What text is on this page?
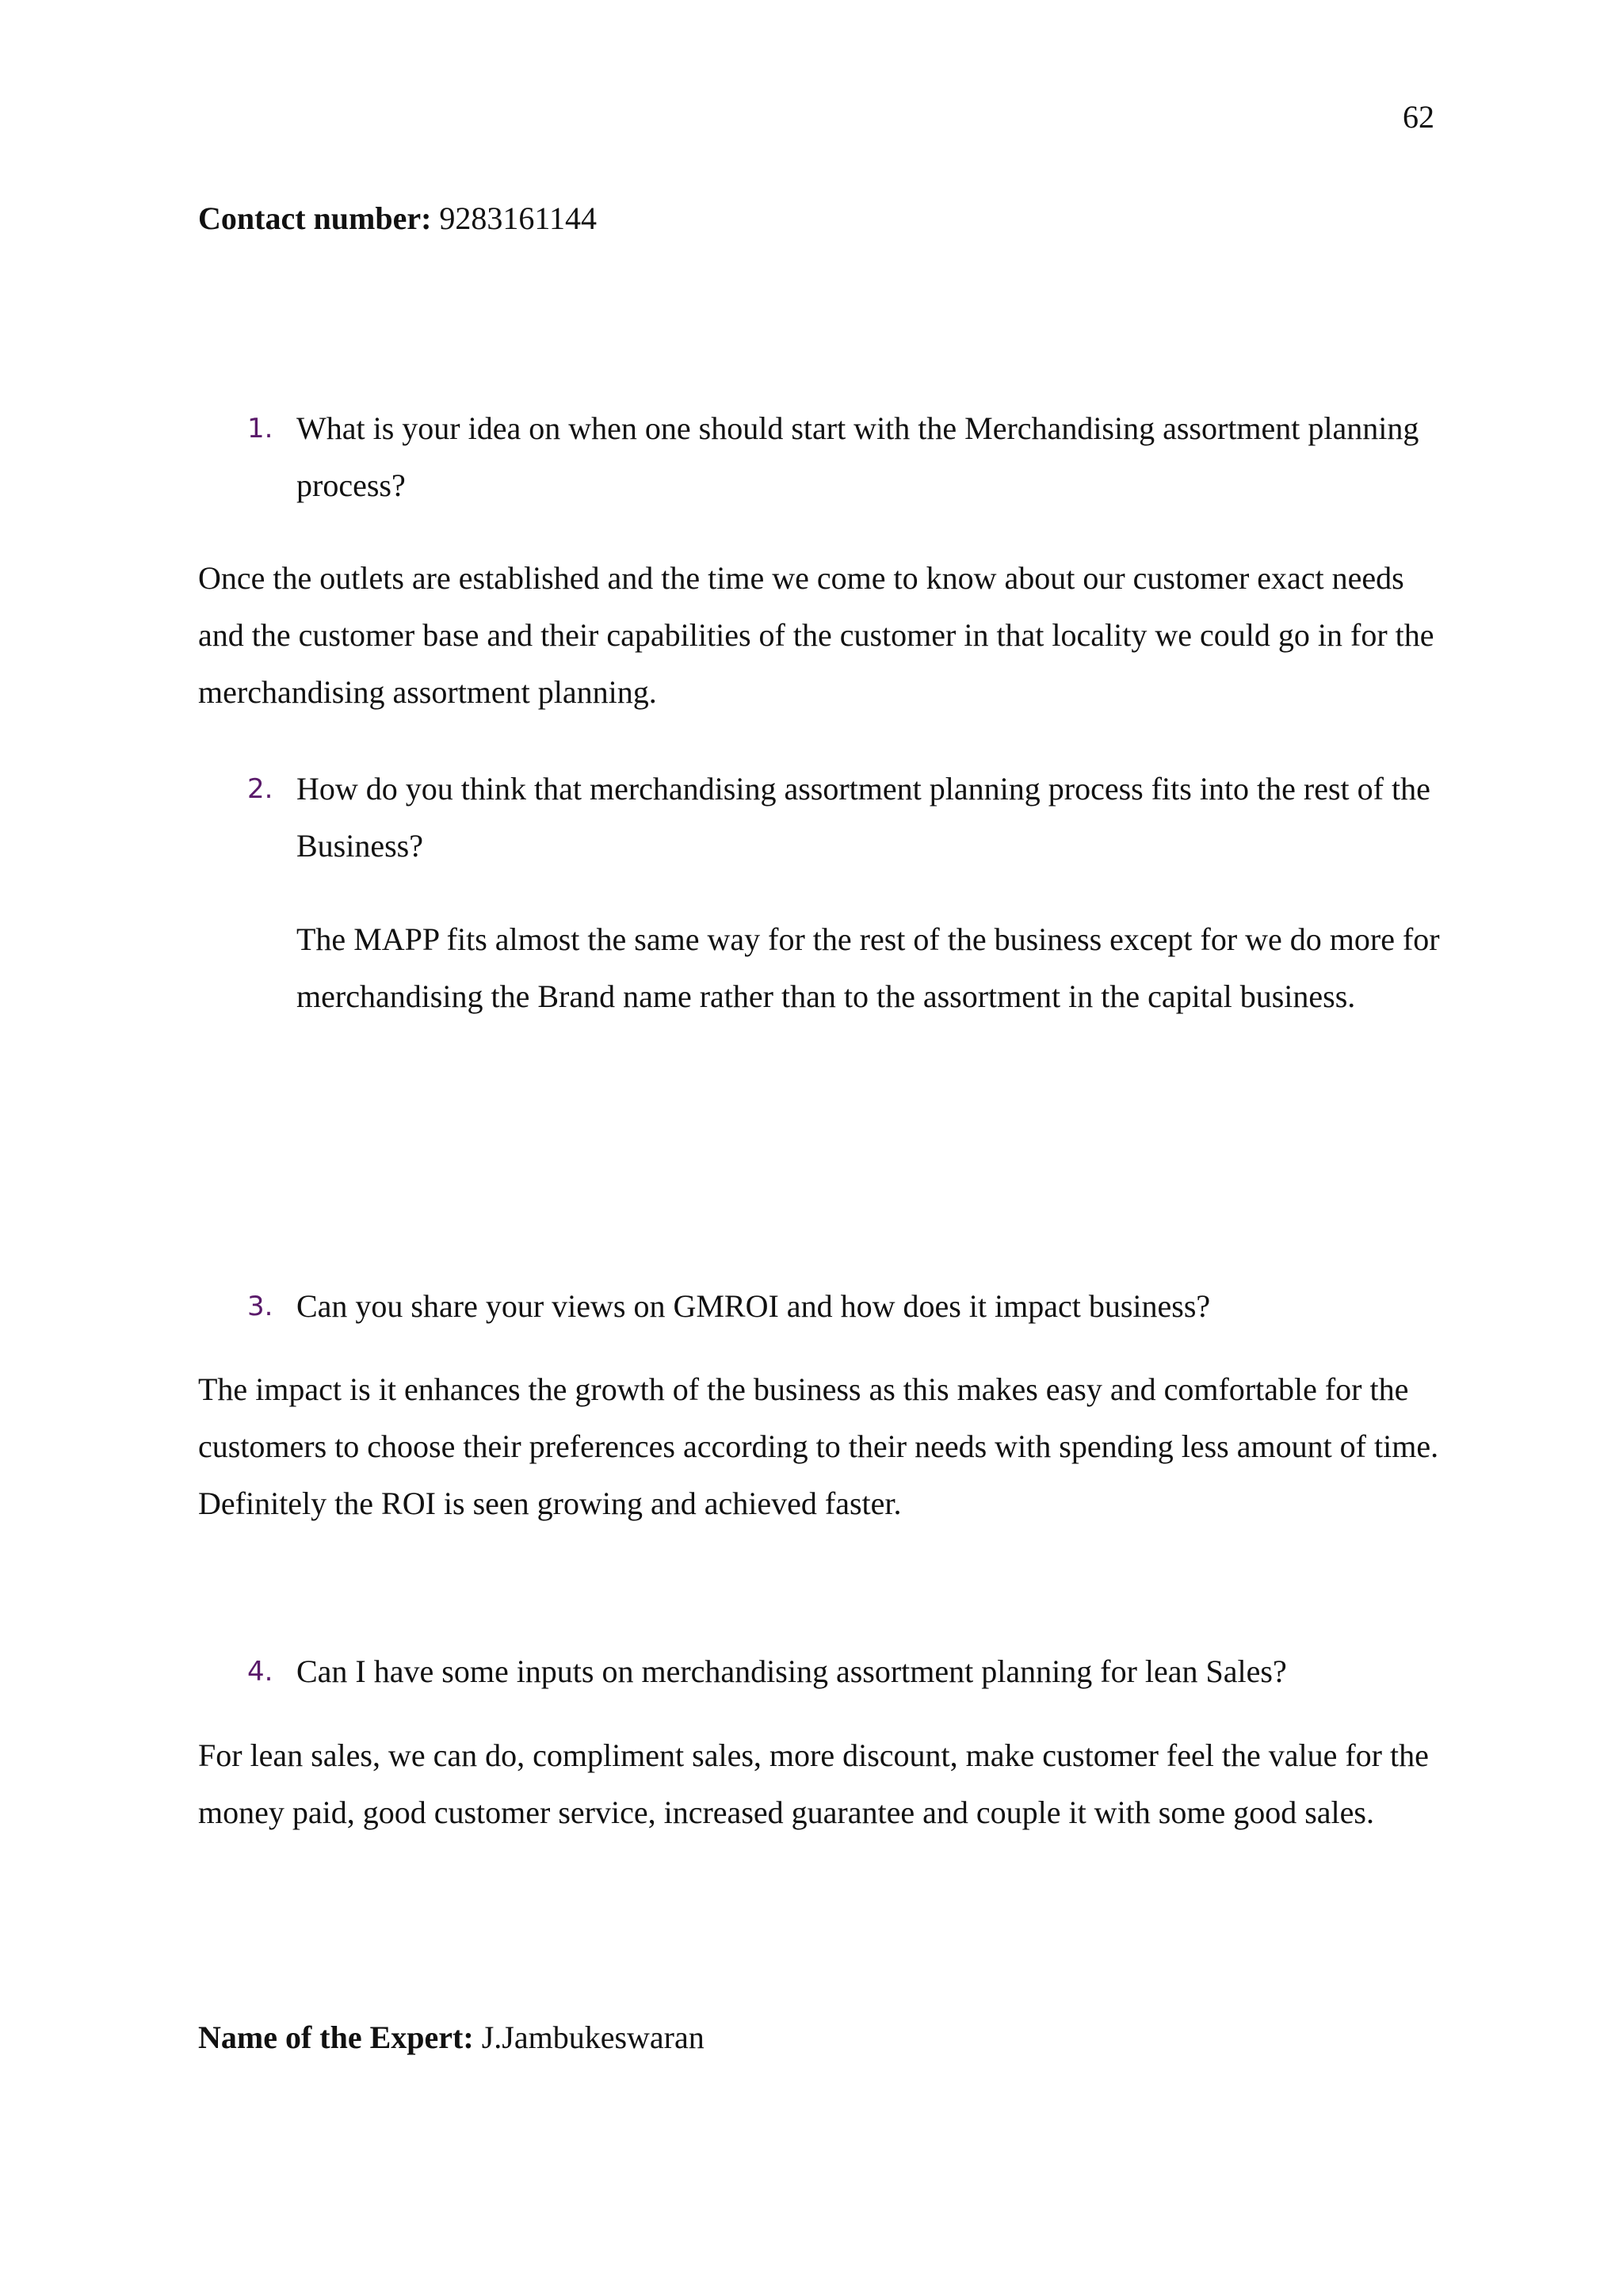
62
Contact number: 9283161144
1. What is your idea on when one should start with the Merchandising assortment planning process?
Once the outlets are established and the time we come to know about our customer exact needs and the customer base and their capabilities of the customer in that locality we could go in for the merchandising assortment planning.
2. How do you think that merchandising assortment planning process fits into the rest of the Business?
The MAPP fits almost the same way for the rest of the business except for we do more for merchandising the Brand name rather than to the assortment in the capital business.
3. Can you share your views on GMROI and how does it impact business?
The impact is it enhances the growth of the business as this makes easy and comfortable for the customers to choose their preferences according to their needs with spending less amount of time. Definitely the ROI is seen growing and achieved faster.
4. Can I have some inputs on merchandising assortment planning for lean Sales?
For lean sales, we can do, compliment sales, more discount, make customer feel the value for the money paid, good customer service, increased guarantee and couple it with some good sales.
Name of the Expert: J.Jambukeswaran
